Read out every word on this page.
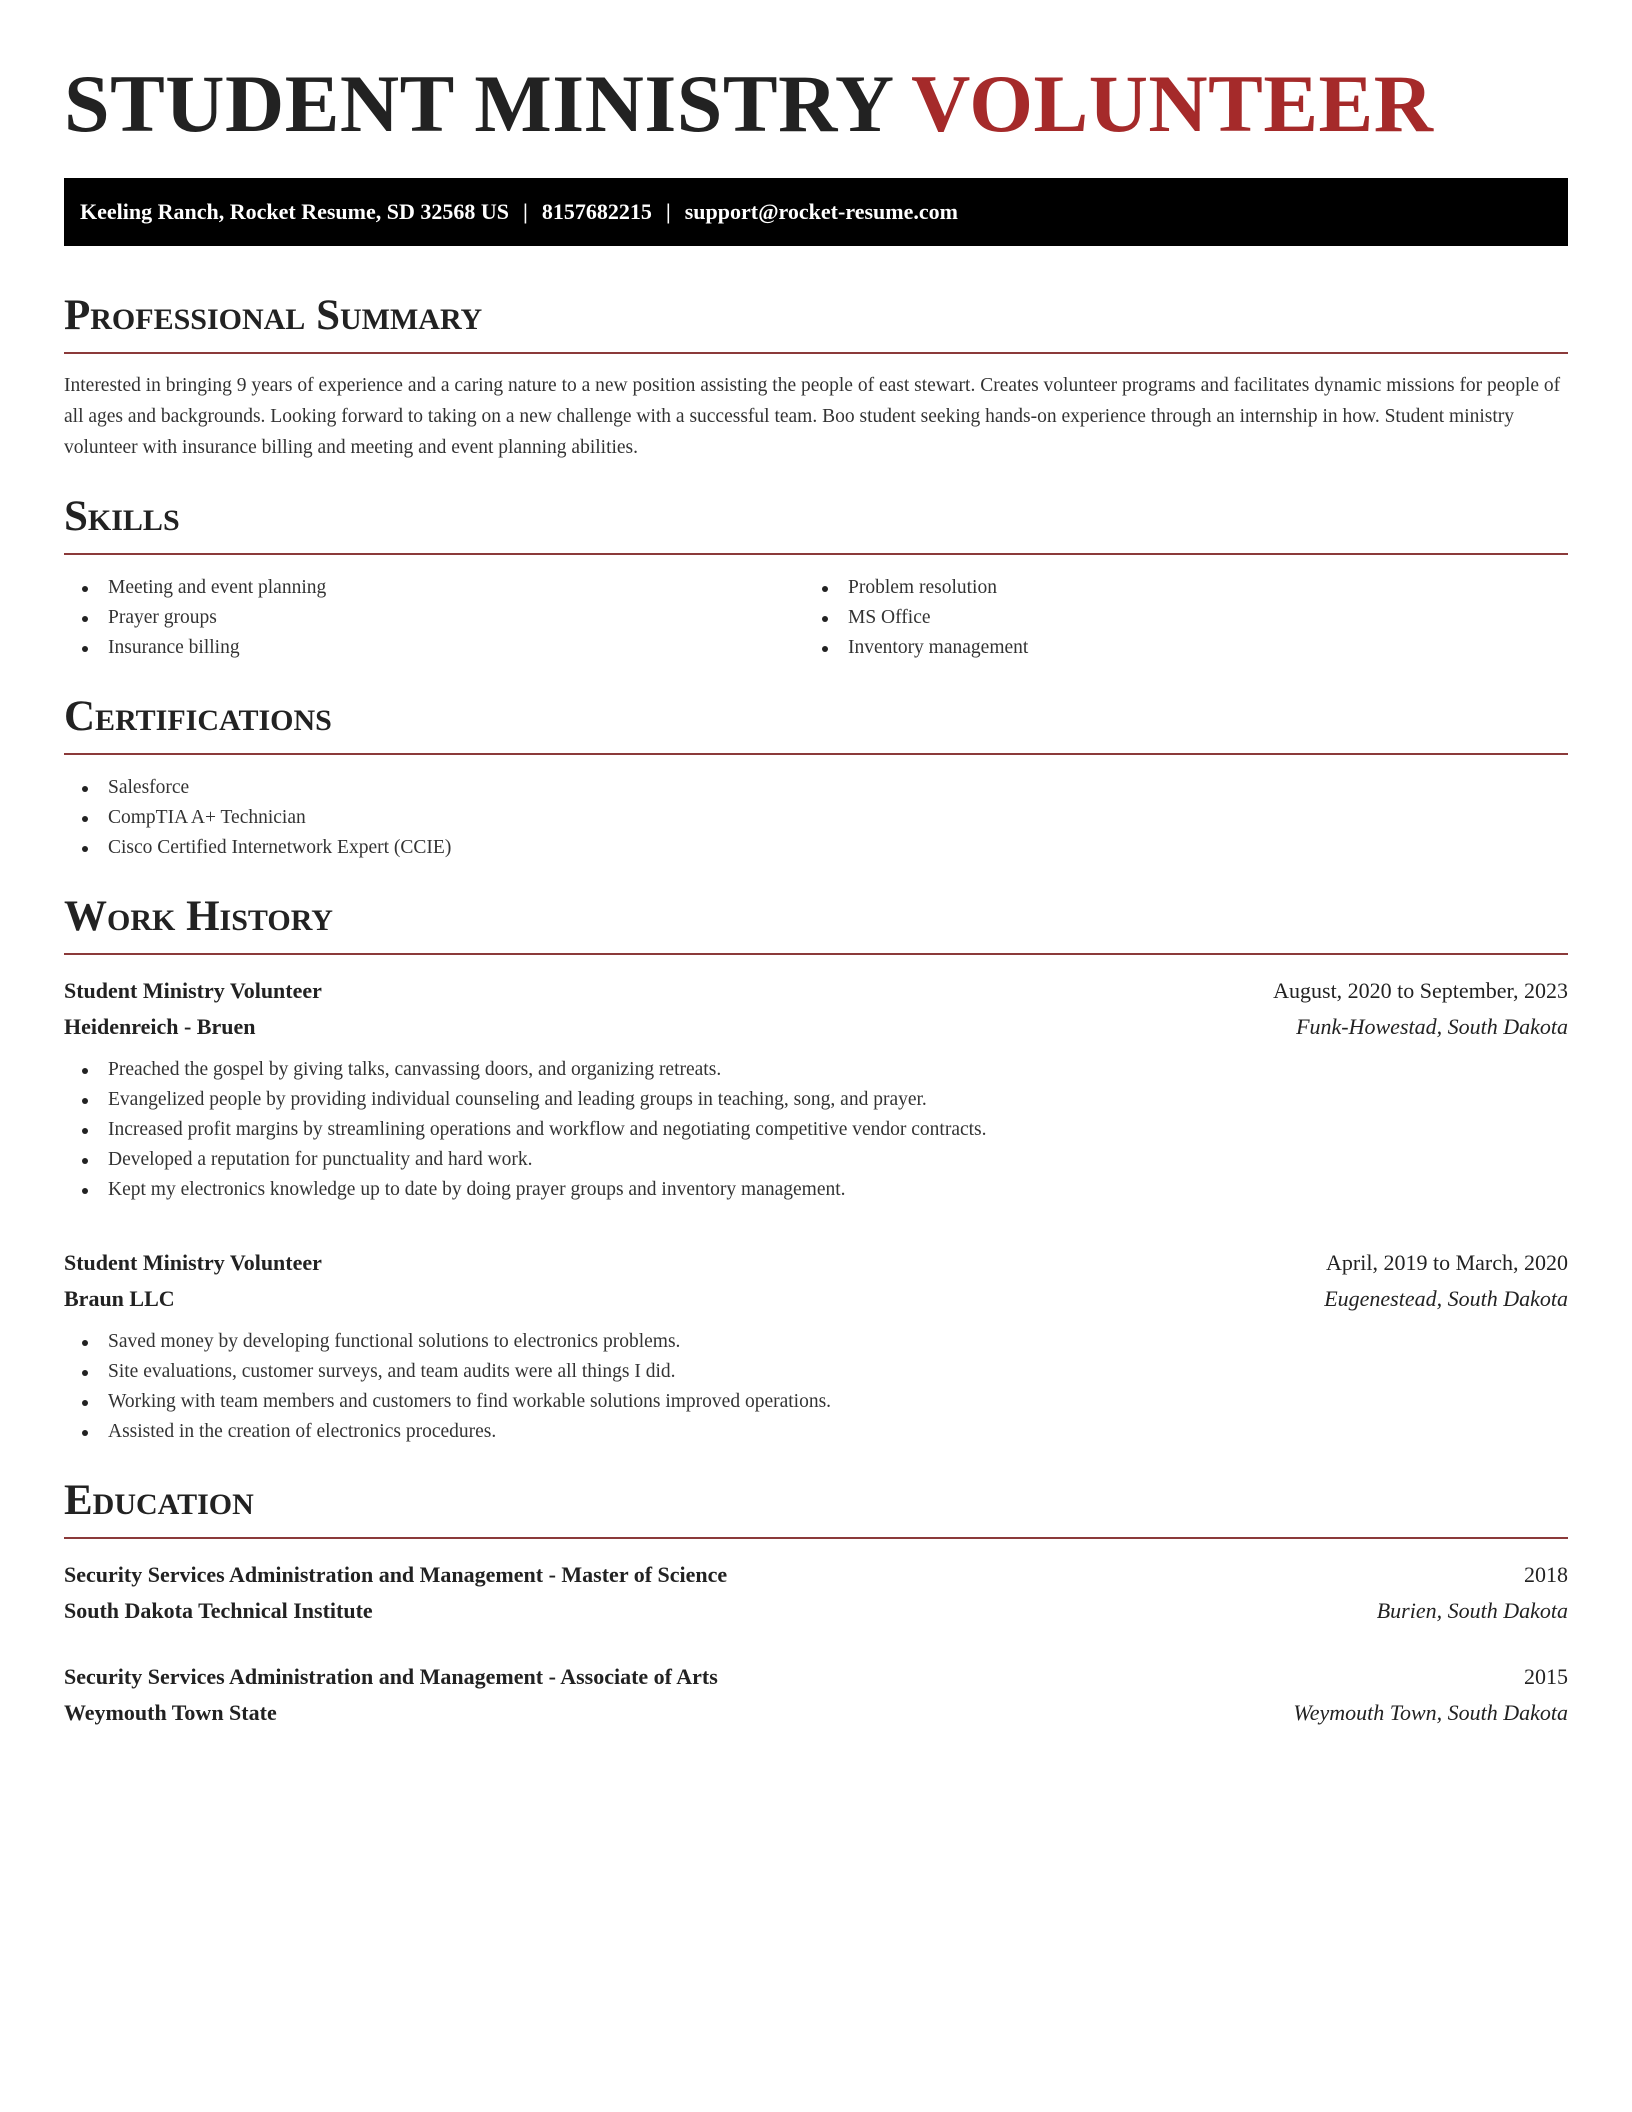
STUDENT MINISTRY VOLUNTEER
Keeling Ranch, Rocket Resume, SD 32568 US | 8157682215 | support@rocket-resume.com
Professional Summary

Interested in bringing 9 years of experience and a caring nature to a new position assisting the people of east stewart. Creates volunteer programs and facilitates dynamic missions for people of all ages and backgrounds. Looking forward to taking on a new challenge with a successful team. Boo student seeking hands-on experience through an internship in how. Student ministry volunteer with insurance billing and meeting and event planning abilities.

Skills
Meeting and event planning
Prayer groups
Insurance billing
Problem resolution
MS Office
Inventory management
Certifications
Salesforce
CompTIA A+ Technician
Cisco Certified Internetwork Expert (CCIE)
Work History
Student Ministry Volunteer	August, 2020 to September, 2023
Heidenreich - Bruen	Funk-Howestad, South Dakota
Preached the gospel by giving talks, canvassing doors, and organizing retreats.
Evangelized people by providing individual counseling and leading groups in teaching, song, and prayer.
Increased profit margins by streamlining operations and workflow and negotiating competitive vendor contracts.
Developed a reputation for punctuality and hard work.
Kept my electronics knowledge up to date by doing prayer groups and inventory management.
Student Ministry Volunteer	April, 2019 to March, 2020
Braun LLC	Eugenestead, South Dakota
Saved money by developing functional solutions to electronics problems.
Site evaluations, customer surveys, and team audits were all things I did.
Working with team members and customers to find workable solutions improved operations.
Assisted in the creation of electronics procedures.
Education
Security Services Administration and Management - Master of Science	2018
South Dakota Technical Institute	Burien, South Dakota
Security Services Administration and Management - Associate of Arts	2015
Weymouth Town State	Weymouth Town, South Dakota
